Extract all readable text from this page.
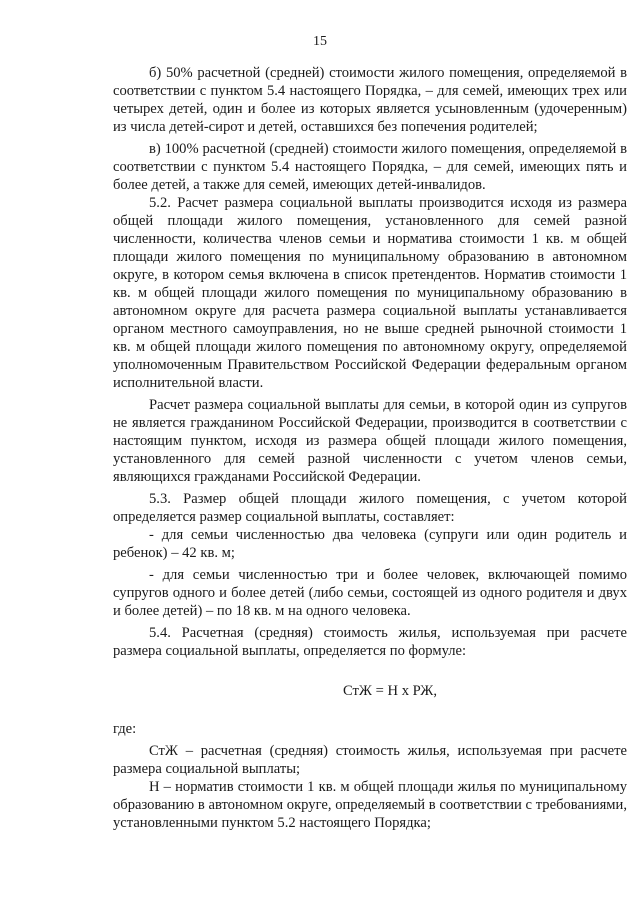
15

б) 50% расчетной (средней) стоимости жилого помещения, определяемой в соответствии с пунктом 5.4 настоящего Порядка, – для семей, имеющих трех или четырех детей, один и более из которых является усыновленным (удочеренным) из числа детей-сирот и детей, оставшихся без попечения родителей;

в) 100% расчетной (средней) стоимости жилого помещения, определяемой в соответствии с пунктом 5.4 настоящего Порядка, – для семей, имеющих пять и более детей, а также для семей, имеющих детей-инвалидов.

5.2. Расчет размера социальной выплаты производится исходя из размера общей площади жилого помещения, установленного для семей разной численности, количества членов семьи и норматива стоимости 1 кв. м общей площади жилого помещения по муниципальному образованию в автономном округе, в котором семья включена в список претендентов. Норматив стоимости 1 кв. м общей площади жилого помещения по муниципальному образованию в автономном округе для расчета размера социальной выплаты устанавливается органом местного самоуправления, но не выше средней рыночной стоимости 1 кв. м общей площади жилого помещения по автономному округу, определяемой уполномоченным Правительством Российской Федерации федеральным органом исполнительной власти.

Расчет размера социальной выплаты для семьи, в которой один из супругов не является гражданином Российской Федерации, производится в соответствии с настоящим пунктом, исходя из размера общей площади жилого помещения, установленного для семей разной численности с учетом членов семьи, являющихся гражданами Российской Федерации.

5.3. Размер общей площади жилого помещения, с учетом которой определяется размер социальной выплаты, составляет:

- для семьи численностью два человека (супруги или один родитель и ребенок) – 42 кв. м;

- для семьи численностью три и более человек, включающей помимо супругов одного и более детей (либо семьи, состоящей из одного родителя и двух и более детей) – по 18 кв. м на одного человека.

5.4. Расчетная (средняя) стоимость жилья, используемая при расчете размера социальной выплаты, определяется по формуле:

СтЖ = Н х РЖ,

где:

СтЖ – расчетная (средняя) стоимость жилья, используемая при расчете размера социальной выплаты;

Н – норматив стоимости 1 кв. м общей площади жилья по муниципальному образованию в автономном округе, определяемый в соответствии с требованиями, установленными пунктом 5.2 настоящего Порядка;
